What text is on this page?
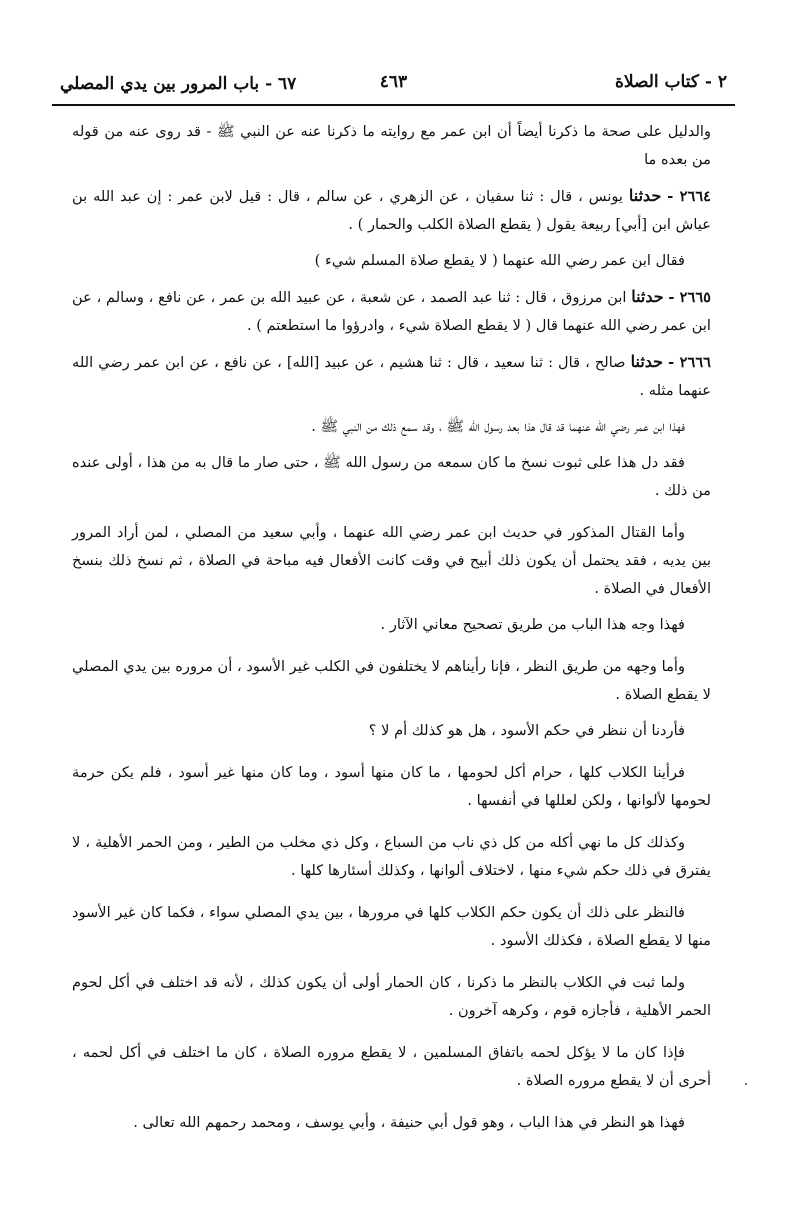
٢ - كتاب الصلاة
٤٦٣
٦٧ - باب المرور بين يدي المصلي

والدليل على صحة ما ذكرنا أيضاً أن ابن عمر مع روايته ما ذكرنا عنه عن النبي ﷺ - قد روى عنه من قوله من بعده ما

٢٦٦٤ - حدثنا يونس ، قال : ثنا سفيان ، عن الزهري ، عن سالم ، قال : قيل لابن عمر : إن عبد الله بن عياش ابن [أبي] ربيعة يقول ( يقطع الصلاة الكلب والحمار ) .

فقال ابن عمر رضي الله عنهما ( لا يقطع صلاة المسلم شيء )

٢٦٦٥ - حدثنا ابن مرزوق ، قال : ثنا عبد الصمد ، عن شعبة ، عن عبيد الله بن عمر ، عن نافع ، وسالم ، عن ابن عمر رضي الله عنهما قال ( لا يقطع الصلاة شيء ، وادرؤوا ما استطعتم ) .

٢٦٦٦ - حدثنا صالح ، قال : ثنا سعيد ، قال : ثنا هشيم ، عن عبيد [الله] ، عن نافع ، عن ابن عمر رضي الله عنهما مثله .

فهذا ابن عمر رضي الله عنهما قد قال هذا بعد رسول الله ﷺ ، وقد سمع ذلك من النبي ﷺ .

فقد دل هذا على ثبوت نسخ ما كان سمعه من رسول الله ﷺ ، حتى صار ما قال به من هذا ، أولى عنده من ذلك .

وأما القتال المذكور في حديث ابن عمر رضي الله عنهما ، وأبي سعيد من المصلي ، لمن أراد المرور بين يديه ، فقد يحتمل أن يكون ذلك أبيح في وقت كانت الأفعال فيه مباحة في الصلاة ، ثم نسخ ذلك بنسخ الأفعال في الصلاة .

فهذا وجه هذا الباب من طريق تصحيح معاني الآثار .

وأما وجهه من طريق النظر ، فإنا رأيناهم لا يختلفون في الكلب غير الأسود ، أن مروره بين يدي المصلي لا يقطع الصلاة .

فأردنا أن ننظر في حكم الأسود ، هل هو كذلك أم لا ؟

فرأينا الكلاب كلها ، حرام أكل لحومها ، ما كان منها أسود ، وما كان منها غير أسود ، فلم يكن حرمة لحومها لألوانها ، ولكن لعللها في أنفسها .

وكذلك كل ما نهي أكله من كل ذي ناب من السباع ، وكل ذي مخلب من الطير ، ومن الحمر الأهلية ، لا يفترق في ذلك حكم شيء منها ، لاختلاف ألوانها ، وكذلك أسئارها كلها .

فالنظر على ذلك أن يكون حكم الكلاب كلها في مرورها ، بين يدي المصلي سواء ، فكما كان غير الأسود منها لا يقطع الصلاة ، فكذلك الأسود .

ولما ثبت في الكلاب بالنظر ما ذكرنا ، كان الحمار أولى أن يكون كذلك ، لأنه قد اختلف في أكل لحوم الحمر الأهلية ، فأجازه قوم ، وكرهه آخرون .

فإذا كان ما لا يؤكل لحمه باتفاق المسلمين ، لا يقطع مروره الصلاة ، كان ما اختلف في أكل لحمه ، أحرى أن لا يقطع مروره الصلاة .

فهذا هو النظر في هذا الباب ، وهو قول أبي حنيفة ، وأبي يوسف ، ومحمد رحمهم الله تعالى .
